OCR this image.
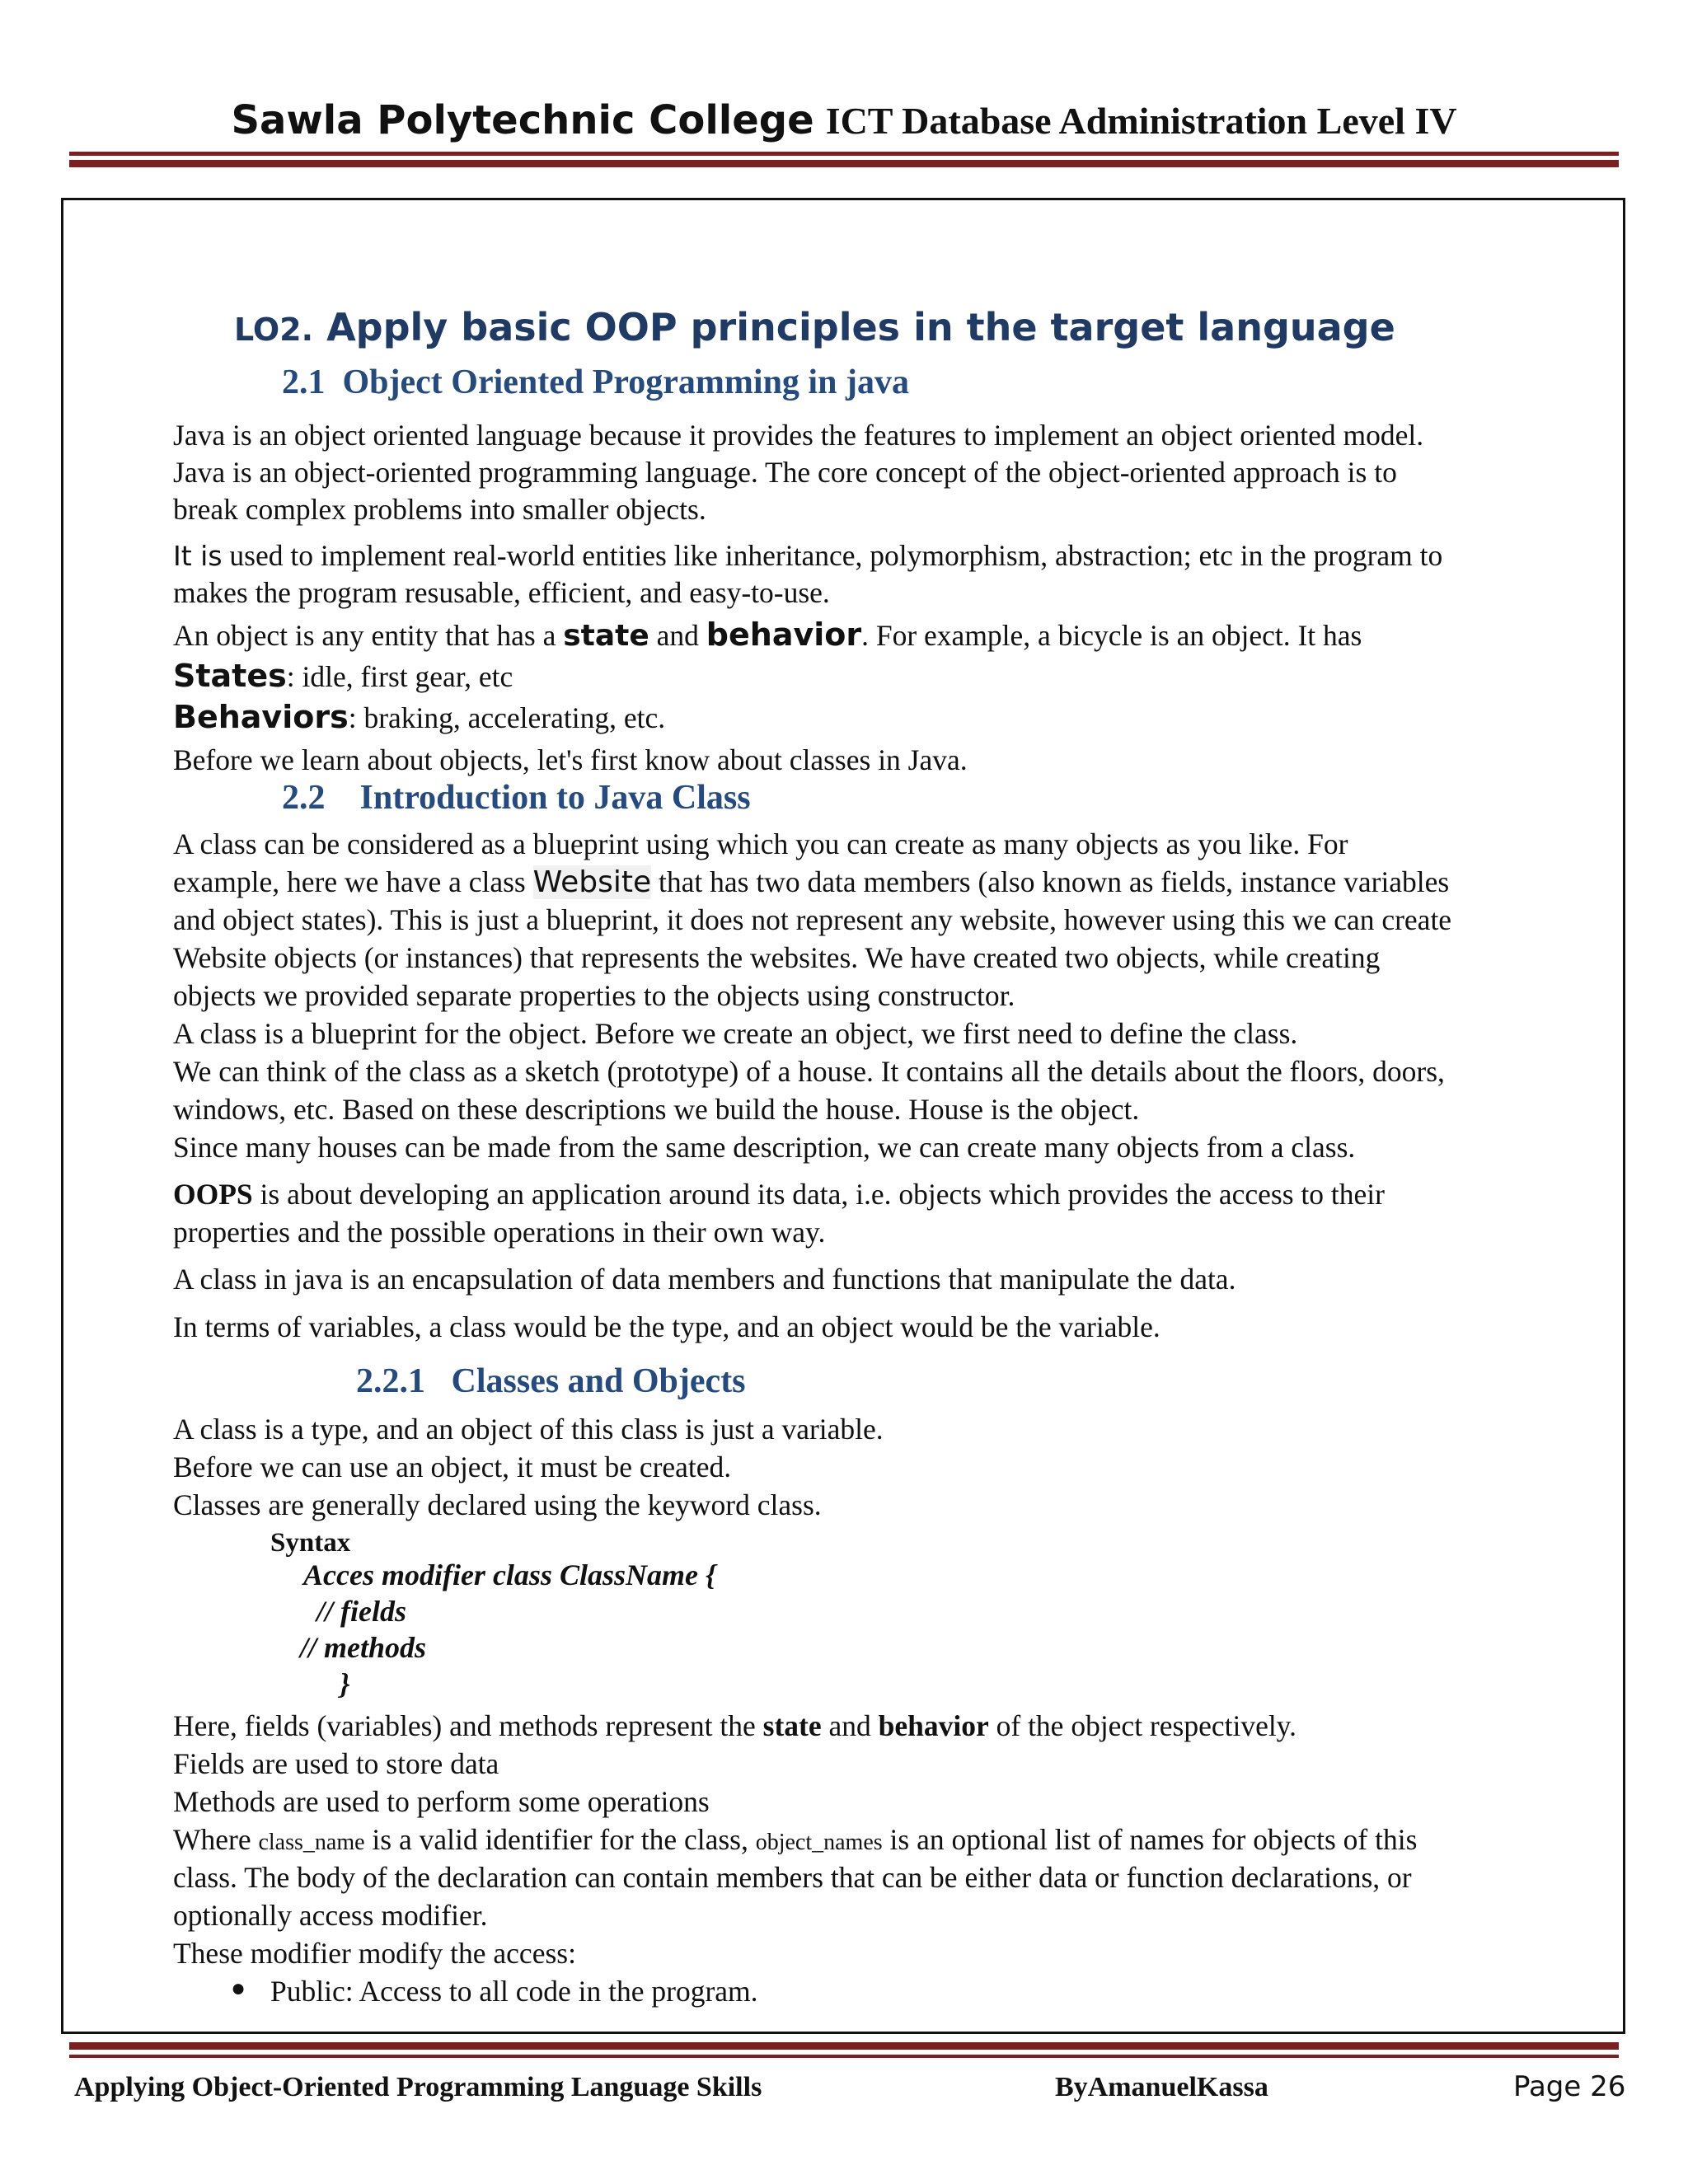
Sawla Polytechnic College ICT Database Administration Level IV
LO2. Apply basic OOP principles in the target language
2.1 Object Oriented Programming in java
Java is an object oriented language because it provides the features to implement an object oriented model.
Java is an object-oriented programming language. The core concept of the object-oriented approach is to
break complex problems into smaller objects.
It is used to implement real-world entities like inheritance, polymorphism, abstraction; etc in the program to
makes the program resusable, efficient, and easy-to-use.
An object is any entity that has a state and behavior. For example, a bicycle is an object. It has
States: idle, first gear, etc
Behaviors: braking, accelerating, etc.
Before we learn about objects, let's first know about classes in Java.
2.2 Introduction to Java Class
A class can be considered as a blueprint using which you can create as many objects as you like. For
example, here we have a class Website that has two data members (also known as fields, instance variables
and object states). This is just a blueprint, it does not represent any website, however using this we can create
Website objects (or instances) that represents the websites. We have created two objects, while creating
objects we provided separate properties to the objects using constructor.
A class is a blueprint for the object. Before we create an object, we first need to define the class.
We can think of the class as a sketch (prototype) of a house. It contains all the details about the floors, doors,
windows, etc. Based on these descriptions we build the house. House is the object.
Since many houses can be made from the same description, we can create many objects from a class.
OOPS is about developing an application around its data, i.e. objects which provides the access to their
properties and the possible operations in their own way.
A class in java is an encapsulation of data members and functions that manipulate the data.
In terms of variables, a class would be the type, and an object would be the variable.
2.2.1 Classes and Objects
A class is a type, and an object of this class is just a variable.
Before we can use an object, it must be created.
Classes are generally declared using the keyword class.
Syntax
Acces modifier class ClassName {
// fields
// methods
}
Here, fields (variables) and methods represent the state and behavior of the object respectively.
Fields are used to store data
Methods are used to perform some operations
Where class_name is a valid identifier for the class, object_names is an optional list of names for objects of this
class. The body of the declaration can contain members that can be either data or function declarations, or
optionally access modifier.
These modifier modify the access:
● Public: Access to all code in the program.
Applying Object-Oriented Programming Language Skills	ByAmanuelKassa	Page 26
